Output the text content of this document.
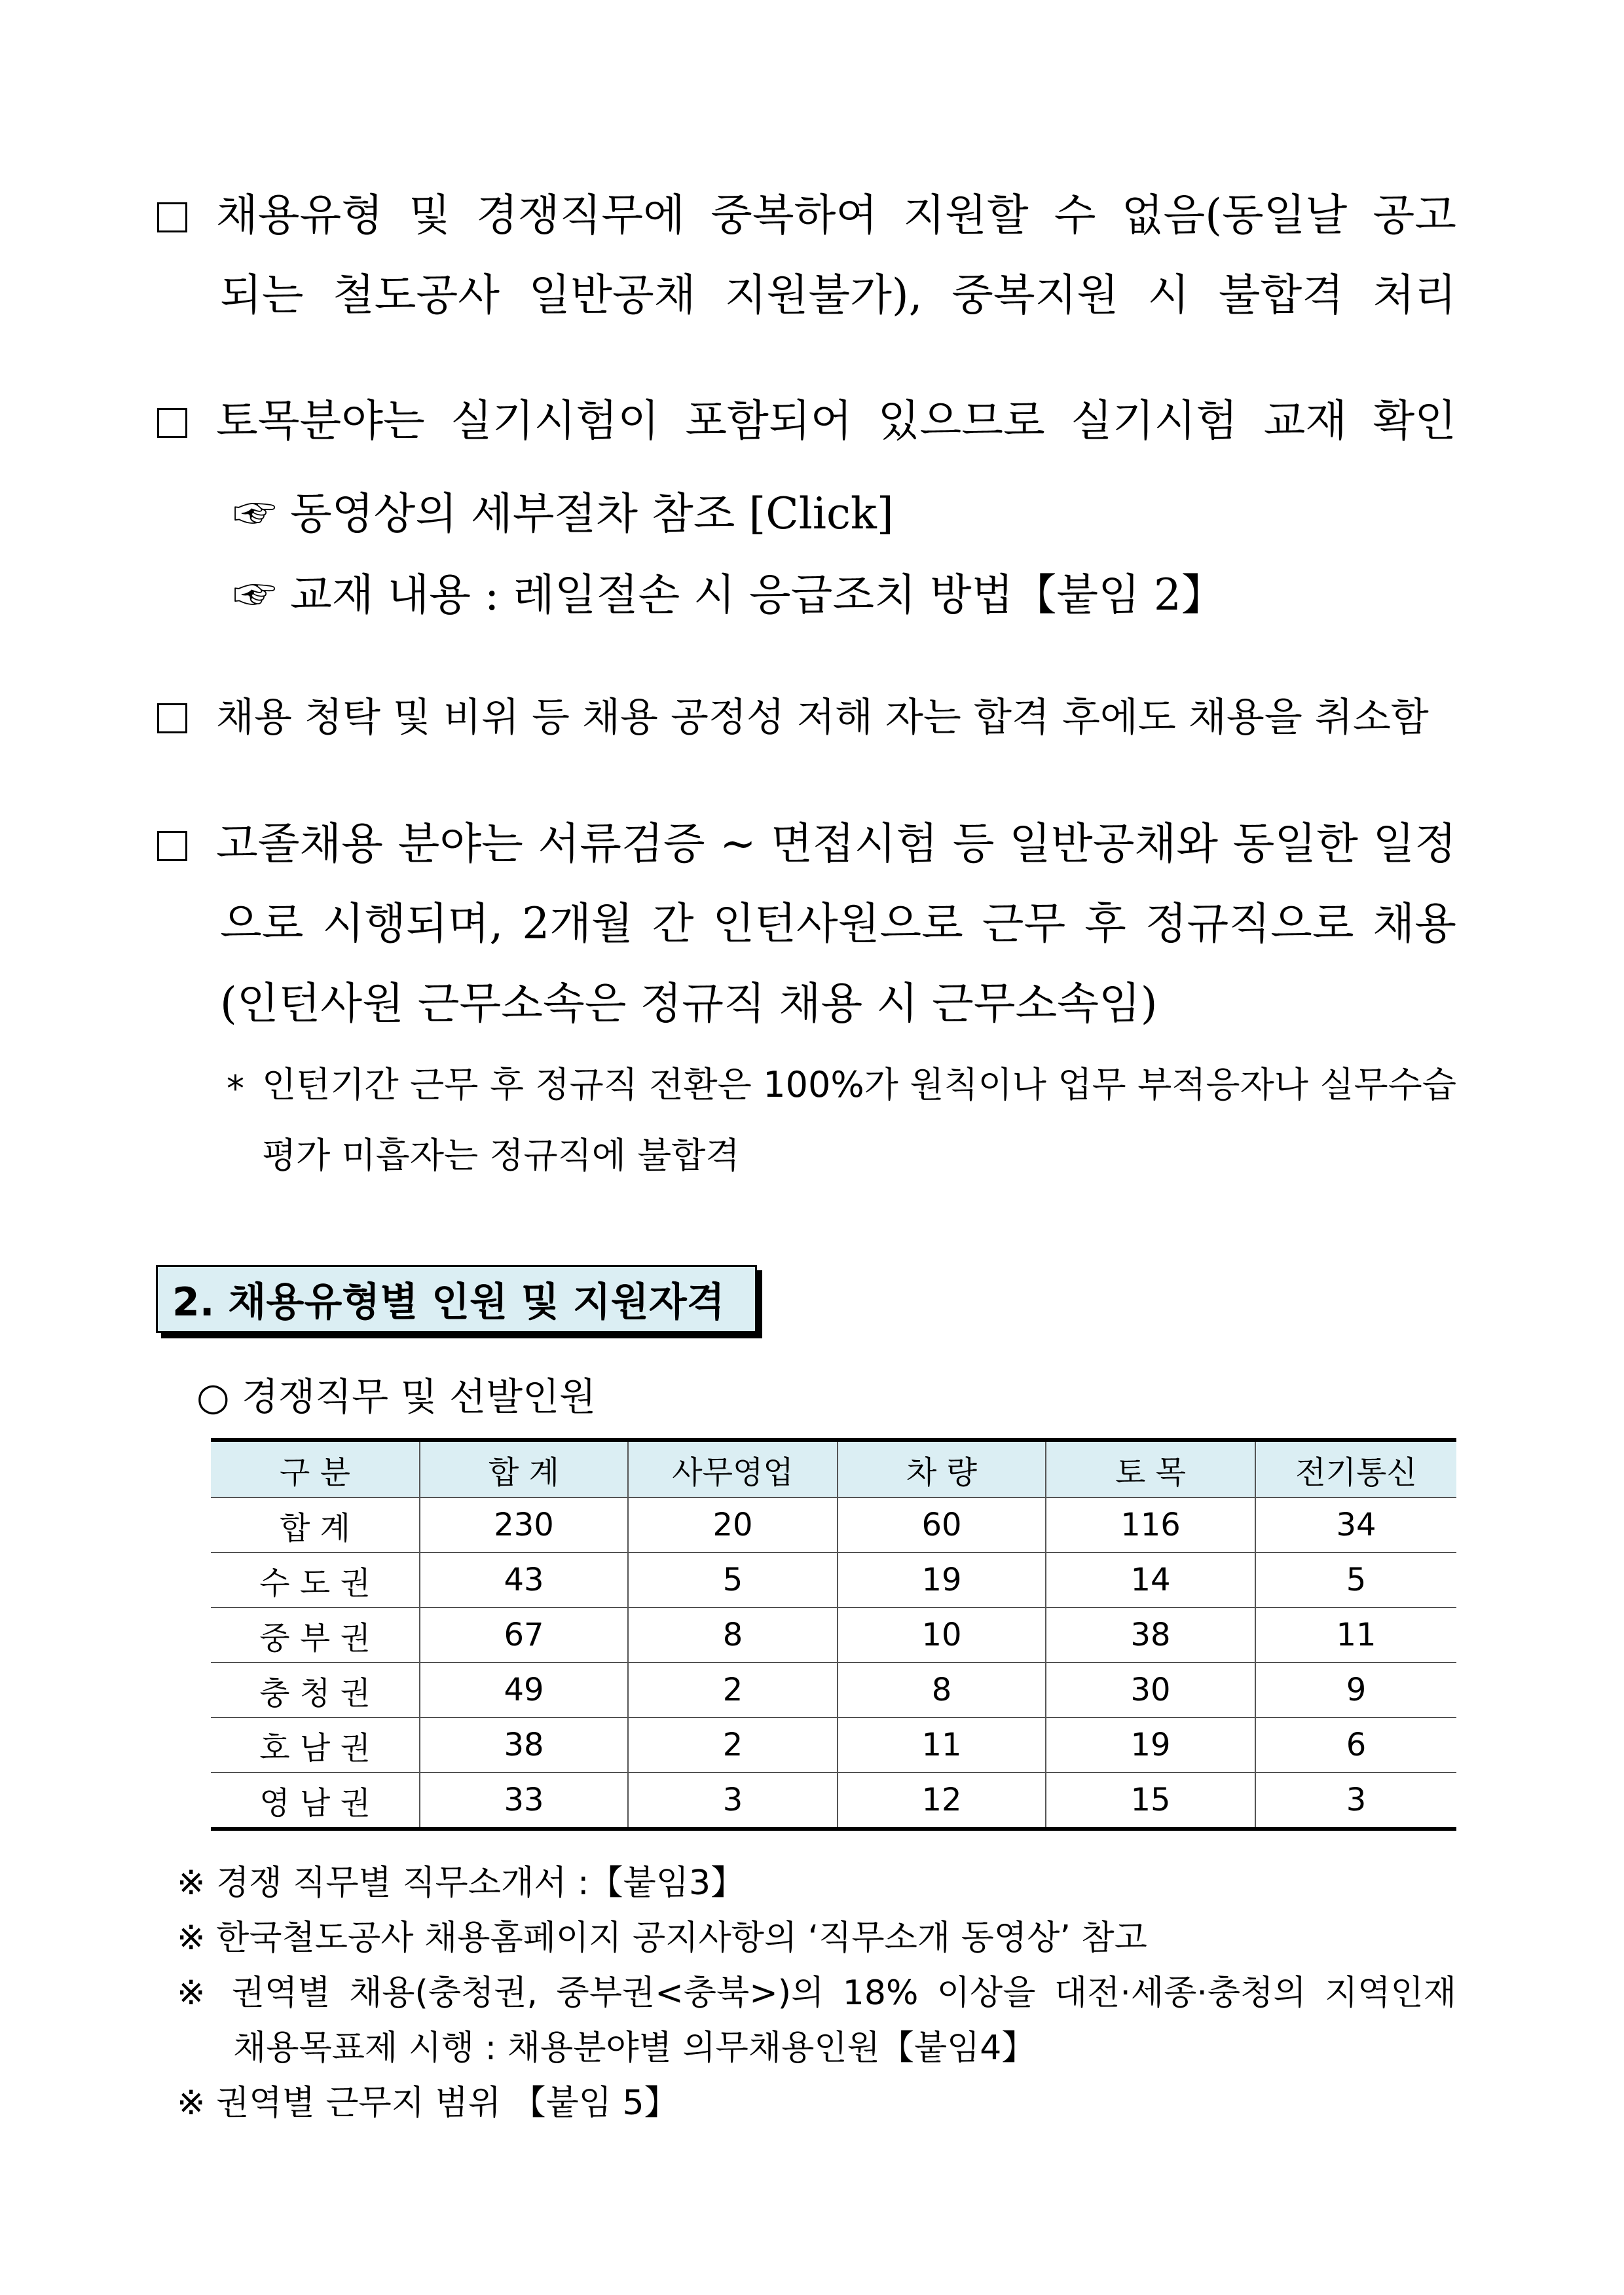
채용유형 및 경쟁직무에 중복하여 지원할 수 없음(동일날 공고
되는 철도공사 일반공채 지원불가), 중복지원 시 불합격 처리
토목분야는 실기시험이 포함되어 있으므로 실기시험 교재 확인
☞ 동영상의 세부절차 참조 [Click]
☞ 교재 내용 : 레일절손 시 응급조치 방법【붙임 2】
채용 청탁 및 비위 등 채용 공정성 저해 자는 합격 후에도 채용을 취소함
고졸채용 분야는 서류검증 ~ 면접시험 등 일반공채와 동일한 일정
으로 시행되며, 2개월 간 인턴사원으로 근무 후 정규직으로 채용
(인턴사원 근무소속은 정규직 채용 시 근무소속임)
* 인턴기간 근무 후 정규직 전환은 100%가 원칙이나 업무 부적응자나 실무수습
평가 미흡자는 정규직에 불합격
2. 채용유형별 인원 및 지원자격
○ 경쟁직무 및 선발인원
구 분	합 계	사무영업	차 량	토 목	전기통신
합 계	230	20	60	116	34
수 도 권	43	5	19	14	5
중 부 권	67	8	10	38	11
충 청 권	49	2	8	30	9
호 남 권	38	2	11	19	6
영 남 권	33	3	12	15	3
※ 경쟁 직무별 직무소개서 :【붙임3】
※ 한국철도공사 채용홈페이지 공지사항의 ‘직무소개 동영상’ 참고
※ 권역별 채용(충청권, 중부권<충북>)의 18% 이상을 대전·세종·충청의 지역인재
채용목표제 시행 : 채용분야별 의무채용인원【붙임4】
※ 권역별 근무지 범위 【붙임 5】
